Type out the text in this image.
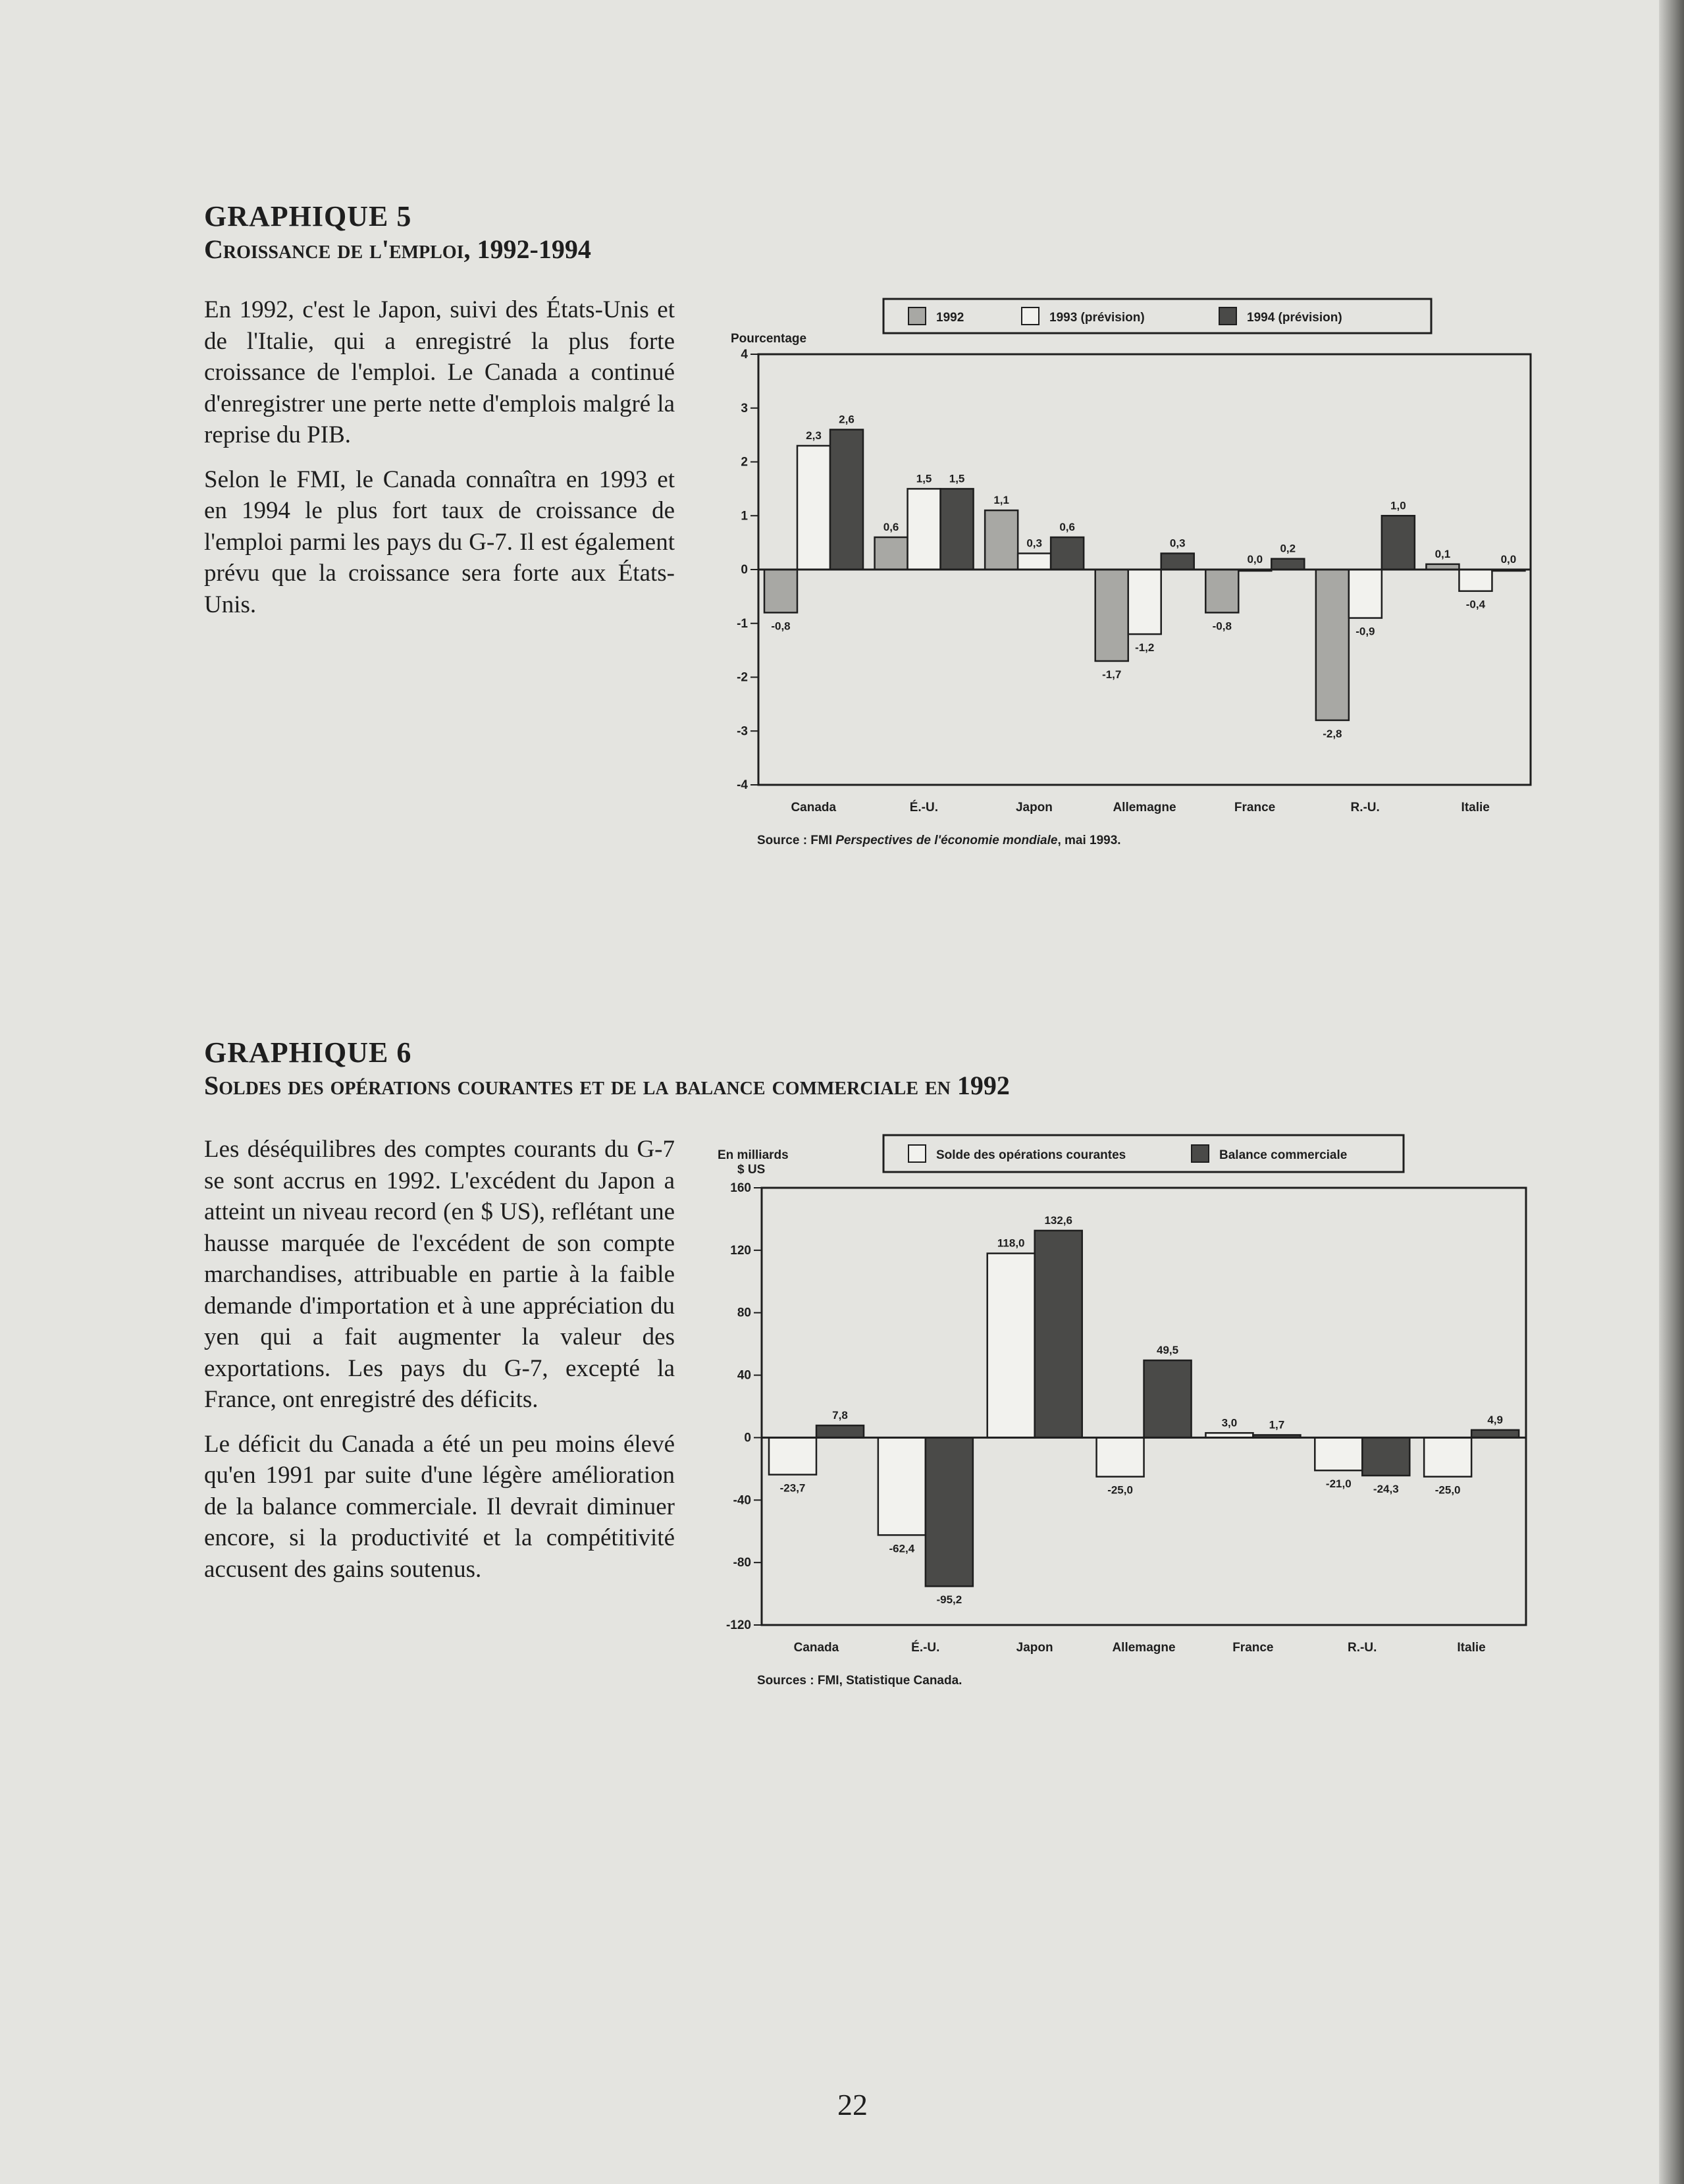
GRAPHIQUE 5
Croissance de l'emploi, 1992-1994

En 1992, c'est le Japon, suivi des États-Unis et de l'Italie, qui a enregistré la plus forte croissance de l'emploi. Le Canada a continué d'enregistrer une perte nette d'emplois malgré la reprise du PIB.

Selon le FMI, le Canada connaîtra en 1993 et en 1994 le plus fort taux de croissance de l'emploi parmi les pays du G-7. Il est également prévu que la croissance sera forte aux États-Unis.

1992	1993 (prévision)	1994 (prévision)
Pourcentage
4
3
2
1
0
-1
-2
-3
-4
-0,8
2,3
2,6
Canada
0,6
1,5 1,5
É.-U.
1,1
0,3
0,6
Japon
-1,7
-1,2
0,3
Allemagne
-0,8
0,0
0,2
France
-2,8
-0,9
1,0
R.-U.
0,1
-0,4
0,0
Italie
Source : FMI Perspectives de l'économie mondiale, mai 1993.
GRAPHIQUE 6
Soldes des opérations courantes et de la balance commerciale en 1992

Les déséquilibres des comptes courants du G-7 se sont accrus en 1992. L'excédent du Japon a atteint un niveau record (en $ US), reflétant une hausse marquée de l'excédent de son compte marchandises, attribuable en partie à la faible demande d'importation et à une appréciation du yen qui a fait augmenter la valeur des exportations. Les pays du G-7, excepté la France, ont enregistré des déficits.

Le déficit du Canada a été un peu moins élevé qu'en 1991 par suite d'une légère amélioration de la balance commerciale. Il devrait diminuer encore, si la productivité et la compétitivité accusent des gains soutenus.

Solde des opérations courantes	Balance commerciale
En milliards
$ US
160
120
80
40
0
-40
-80
-120
-23,7
7,8
Canada
-62,4
-95,2
É.-U.
118,0
132,6
Japon
-25,0
49,5
Allemagne
3,0	1,7
France
-21,0 -24,3
R.-U.
-25,0
4,9
Italie
Sources : FMI, Statistique Canada.
22
